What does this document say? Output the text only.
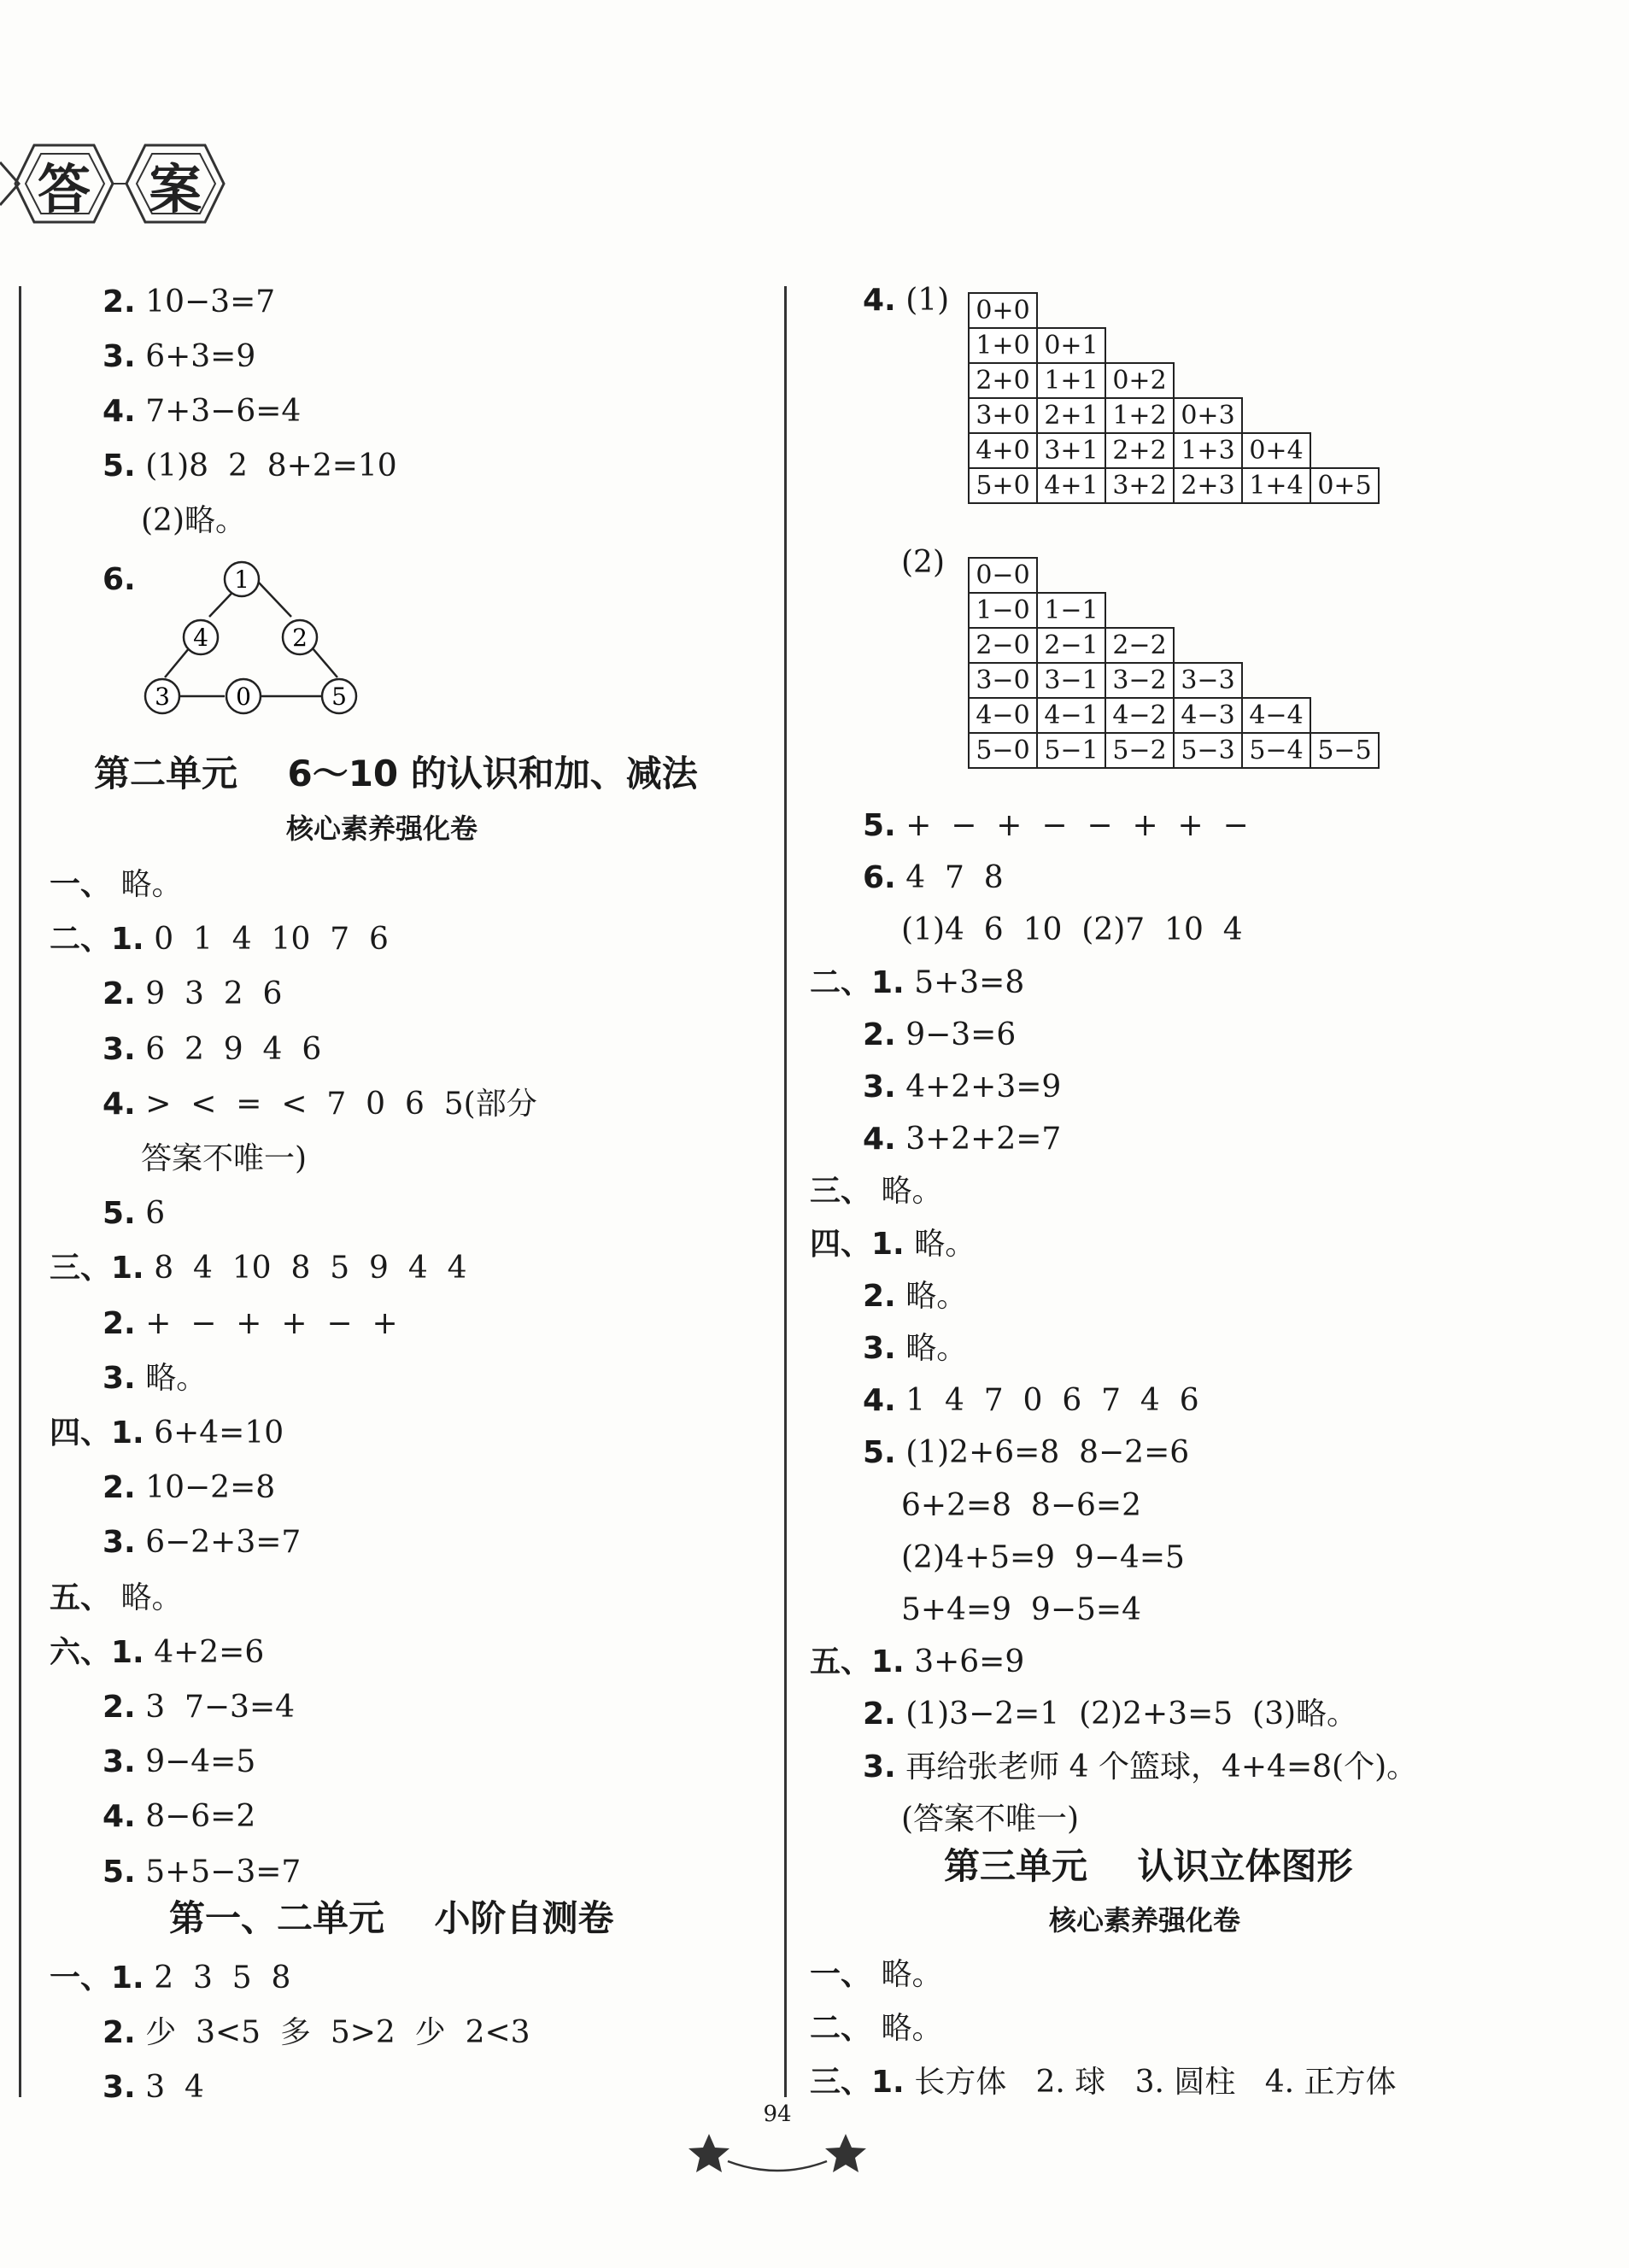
答 案
2. 10−3=7
3. 6+3=9
4. 7+3−6=4
5. (1)8  2  8+2=10
(2)略。
6.	1
4	2
3	0	5
第二单元    6～10 的认识和加、减法
核心素养强化卷
一、 略。
二、1. 0  1  4  10  7  6
2. 9  3  2  6
3. 6  2  9  4  6
4. >  <  =  <  7  0  6  5(部分
答案不唯一)
5. 6
三、1. 8  4  10  8  5  9  4  4
2. +  −  +  +  −  +
3. 略。
四、1. 6+4=10
2. 10−2=8
3. 6−2+3=7
五、 略。
六、1. 4+2=6
2. 3  7−3=4
3. 9−4=5
4. 8−6=2
5. 5+5−3=7
第一、二单元    小阶自测卷
一、1. 2  3  5  8
2. 少  3<5  多  5>2  少  2<3
3. 3  4
4. (1)	0+0
1+0 0+1
2+0 1+1 0+2
3+0 2+1 1+2 0+3
4+0 3+1 2+2 1+3 0+4
5+0 4+1 3+2 2+3 1+4 0+5
(2)	0−0
1−0 1−1
2−0 2−1 2−2
3−0 3−1 3−2 3−3
4−0 4−1 4−2 4−3 4−4
5−0 5−1 5−2 5−3 5−4 5−5
5. +  −  +  −  −  +  +  −
6. 4  7  8
(1)4  6  10  (2)7  10  4
二、1. 5+3=8
2. 9−3=6
3. 4+2+3=9
4. 3+2+2=7
三、 略。
四、1. 略。
2. 略。
3. 略。
4. 1  4  7  0  6  7  4  6
5. (1)2+6=8  8−2=6
6+2=8  8−6=2
(2)4+5=9  9−4=5
5+4=9  9−5=4
五、1. 3+6=9
2. (1)3−2=1  (2)2+3=5  (3)略。
3. 再给张老师 4 个篮球，4+4=8(个)。
(答案不唯一)
第三单元    认识立体图形
核心素养强化卷
一、 略。
二、 略。
三、1. 长方体   2. 球   3. 圆柱   4. 正方体
94
